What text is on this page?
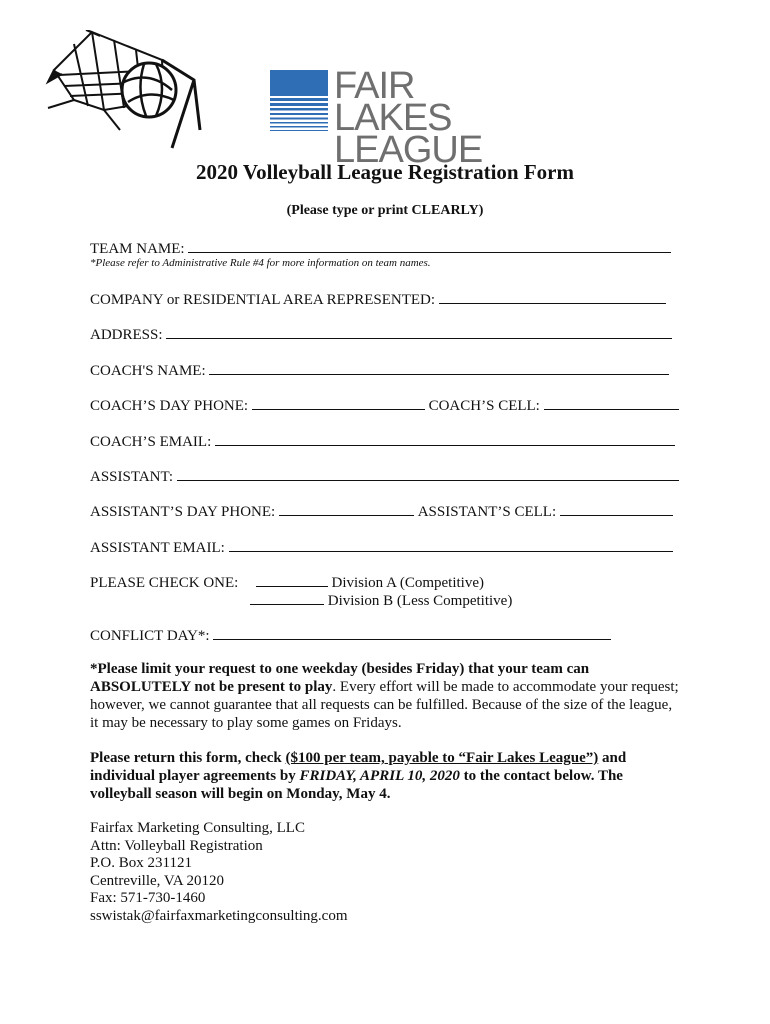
FAIR LAKES
LEAGUE
2020 Volleyball League Registration Form
(Please type or print CLEARLY)
TEAM NAME:
*Please refer to Administrative Rule #4 for more information on team names.
COMPANY or RESIDENTIAL AREA REPRESENTED:
ADDRESS:
COACH'S NAME:
COACH’S DAY PHONE:	COACH’S CELL:
COACH’S EMAIL:
ASSISTANT:
ASSISTANT’S DAY PHONE:	ASSISTANT’S CELL:
ASSISTANT EMAIL:
PLEASE CHECK ONE:	Division A (Competitive)
Division B (Less Competitive)
CONFLICT DAY*:
*Please limit your request to one weekday (besides Friday) that your team can ABSOLUTELY not be present to play. Every effort will be made to accommodate your request; however, we cannot guarantee that all requests can be fulfilled. Because of the size of the league, it may be necessary to play some games on Fridays.
Please return this form, check ($100 per team, payable to “Fair Lakes League”) and individual player agreements by FRIDAY, APRIL 10, 2020 to the contact below. The volleyball season will begin on Monday, May 4.
Fairfax Marketing Consulting, LLC
Attn: Volleyball Registration
P.O. Box 231121
Centreville, VA 20120
Fax: 571-730-1460
sswistak@fairfaxmarketingconsulting.com
